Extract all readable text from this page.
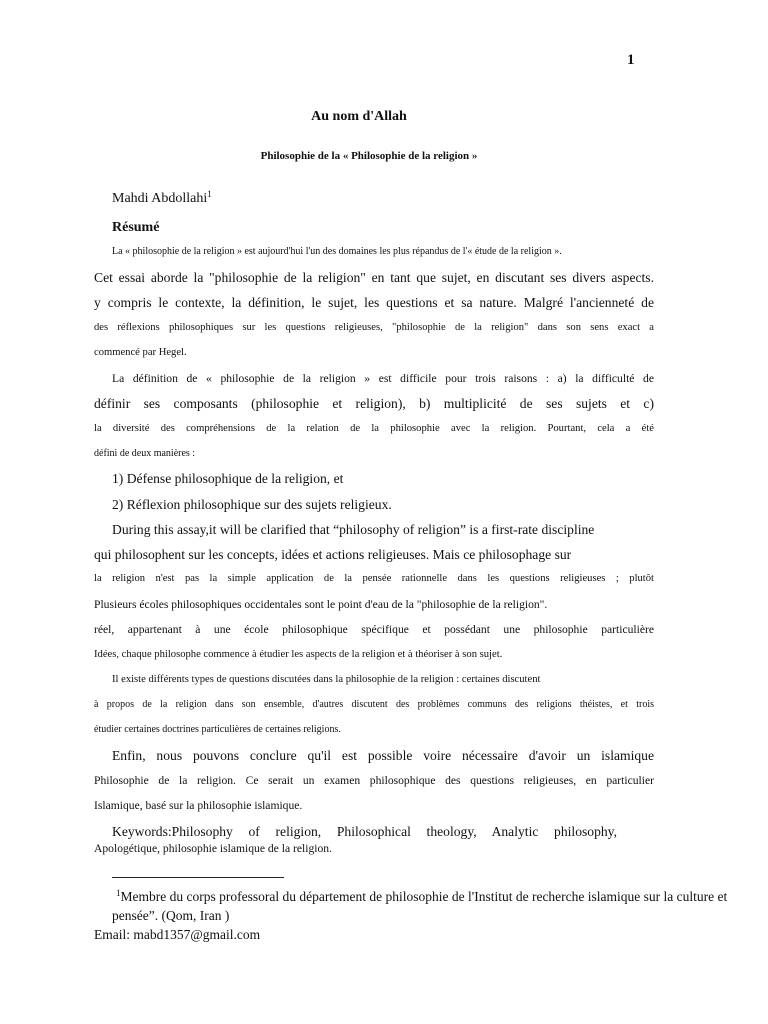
1
Au nom d'Allah
Philosophie de la « Philosophie de la religion »
Mahdi Abdollahi$^1$
Résumé
La « philosophie de la religion » est aujourd'hui l'un des domaines les plus répandus de l'« étude de la religion ».
Cet essai aborde la "philosophie de la religion" en tant que sujet, en discutant ses divers aspects.
y compris le contexte, la définition, le sujet, les questions et sa nature. Malgré l'ancienneté de
des réflexions philosophiques sur les questions religieuses, "philosophie de la religion" dans son sens exact a
commencé par Hegel.
La définition de « philosophie de la religion » est difficile pour trois raisons : a) la difficulté de
définir ses composants (philosophie et religion), b) multiplicité de ses sujets et c)
la diversité des compréhensions de la relation de la philosophie avec la religion. Pourtant, cela a été
défini de deux manières :
1) Défense philosophique de la religion, et
2) Réflexion philosophique sur des sujets religieux.
During this assay,it will be clarified that “philosophy of religion” is a first-rate discipline
qui philosophent sur les concepts, idées et actions religieuses. Mais ce philosophage sur
la religion n'est pas la simple application de la pensée rationnelle dans les questions religieuses ; plutôt
Plusieurs écoles philosophiques occidentales sont le point d'eau de la "philosophie de la religion".
réel, appartenant à une école philosophique spécifique et possédant une philosophie particulière
Idées, chaque philosophe commence à étudier les aspects de la religion et à théoriser à son sujet.
Il existe différents types de questions discutées dans la philosophie de la religion : certaines discutent
à propos de la religion dans son ensemble, d'autres discutent des problèmes communs des religions théistes, et trois
étudier certaines doctrines particulières de certaines religions.
Enfin, nous pouvons conclure qu'il est possible voire nécessaire d'avoir un islamique
Philosophie de la religion. Ce serait un examen philosophique des questions religieuses, en particulier
Islamique, basé sur la philosophie islamique.
Keywords:Philosophy of religion, Philosophical theology, Analytic philosophy,
Apologétique, philosophie islamique de la religion.
$^1$Membre du corps professoral du département de philosophie de l'Institut de recherche islamique sur la culture et
pensée”. (Qom, Iran )
Email: mabd1357@gmail.com
